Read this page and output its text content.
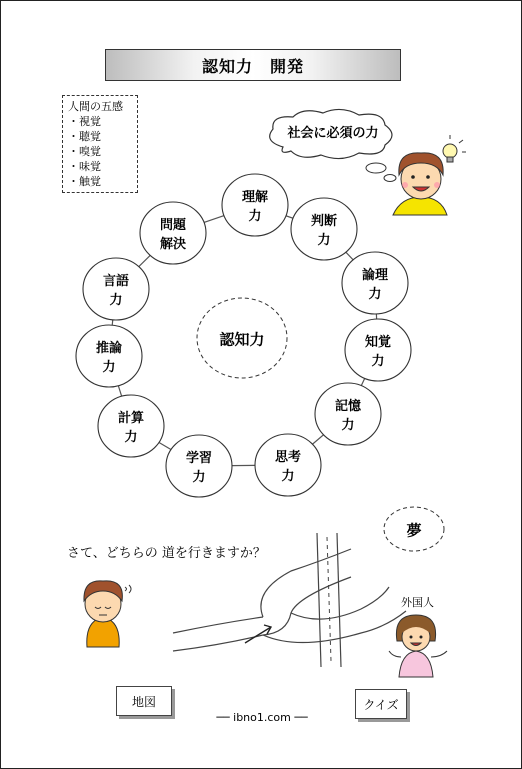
認知力　開発
人間の五感
・視覚
・聴覚
・嗅覚
・味覚
・触覚
社会に必須の力
理解
力	判断
力
論理
力
知覚
力
記憶
力
思考
力
学習
力
計算
力
推論
力
言語
力
問題
解決
認知力
夢
さて、どちらの 道を行きますか？
外国人
地図	クイズ
── ibno1.com ──
